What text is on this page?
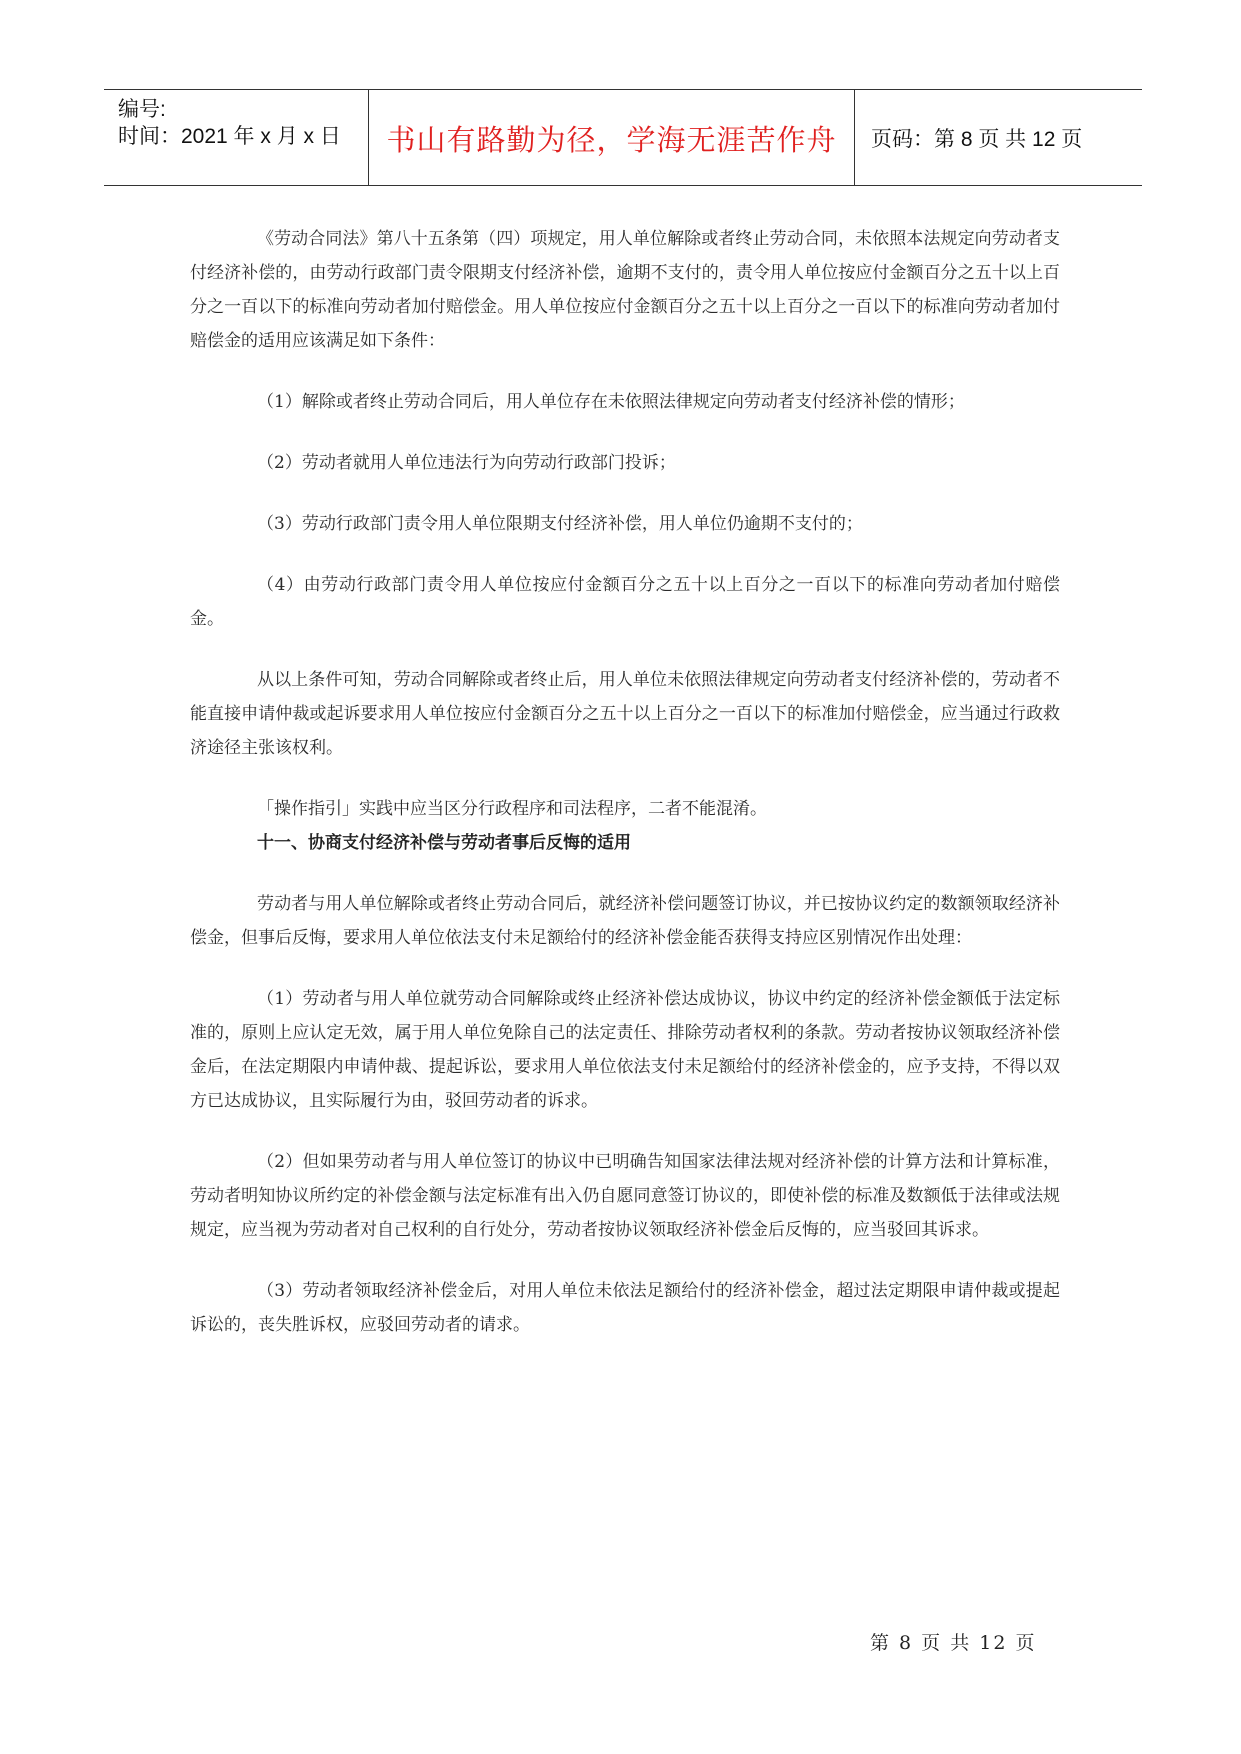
编号:
时间：2021 年 x 月 x 日	书山有路勤为径，学海无涯苦作舟	页码：第 8 页 共 12 页

《劳动合同法》第八十五条第（四）项规定，用人单位解除或者终止劳动合同，未依照本法规定向劳动者支付经济补偿的，由劳动行政部门责令限期支付经济补偿，逾期不支付的，责令用人单位按应付金额百分之五十以上百分之一百以下的标准向劳动者加付赔偿金。用人单位按应付金额百分之五十以上百分之一百以下的标准向劳动者加付赔偿金的适用应该满足如下条件：

（1）解除或者终止劳动合同后，用人单位存在未依照法律规定向劳动者支付经济补偿的情形；

（2）劳动者就用人单位违法行为向劳动行政部门投诉；

（3）劳动行政部门责令用人单位限期支付经济补偿，用人单位仍逾期不支付的；

（4）由劳动行政部门责令用人单位按应付金额百分之五十以上百分之一百以下的标准向劳动者加付赔偿金。

从以上条件可知，劳动合同解除或者终止后，用人单位未依照法律规定向劳动者支付经济补偿的，劳动者不能直接申请仲裁或起诉要求用人单位按应付金额百分之五十以上百分之一百以下的标准加付赔偿金，应当通过行政救济途径主张该权利。

「操作指引」实践中应当区分行政程序和司法程序，二者不能混淆。

十一、协商支付经济补偿与劳动者事后反悔的适用

劳动者与用人单位解除或者终止劳动合同后，就经济补偿问题签订协议，并已按协议约定的数额领取经济补偿金，但事后反悔，要求用人单位依法支付未足额给付的经济补偿金能否获得支持应区别情况作出处理：

（1）劳动者与用人单位就劳动合同解除或终止经济补偿达成协议，协议中约定的经济补偿金额低于法定标准的，原则上应认定无效，属于用人单位免除自己的法定责任、排除劳动者权利的条款。劳动者按协议领取经济补偿金后，在法定期限内申请仲裁、提起诉讼，要求用人单位依法支付未足额给付的经济补偿金的，应予支持，不得以双方已达成协议，且实际履行为由，驳回劳动者的诉求。

（2）但如果劳动者与用人单位签订的协议中已明确告知国家法律法规对经济补偿的计算方法和计算标准，劳动者明知协议所约定的补偿金额与法定标准有出入仍自愿同意签订协议的，即使补偿的标准及数额低于法律或法规规定，应当视为劳动者对自己权利的自行处分，劳动者按协议领取经济补偿金后反悔的，应当驳回其诉求。

（3）劳动者领取经济补偿金后，对用人单位未依法足额给付的经济补偿金，超过法定期限申请仲裁或提起诉讼的，丧失胜诉权，应驳回劳动者的请求。

第 8 页 共 12 页
